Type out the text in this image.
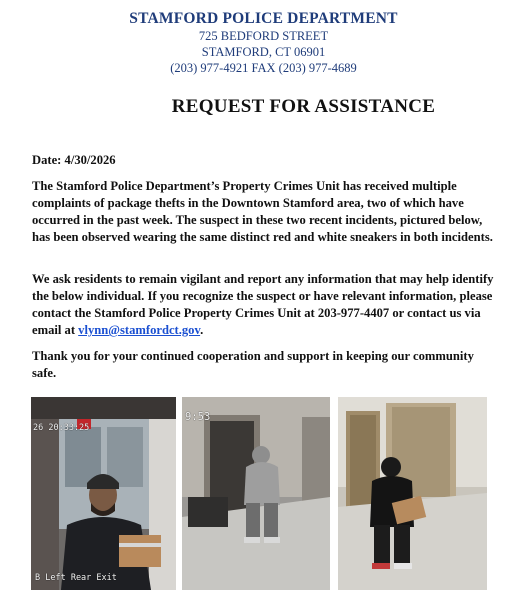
STAMFORD POLICE DEPARTMENT
725 BEDFORD STREET
STAMFORD, CT 06901
(203) 977-4921 FAX (203) 977-4689
REQUEST FOR ASSISTANCE
Date: 4/30/2026
The Stamford Police Department’s Property Crimes Unit has received multiple complaints of package thefts in the Downtown Stamford area, two of which have occurred in the past week. The suspect in these two recent incidents, pictured below, has been observed wearing the same distinct red and white sneakers in both incidents.
We ask residents to remain vigilant and report any information that may help identify the below individual. If you recognize the suspect or have relevant information, please contact the Stamford Police Property Crimes Unit at 203-977-4407 or contact us via email at vlynn@stamfordct.gov.
Thank you for your continued cooperation and support in keeping our community safe.
26 20:33:25
B Left Rear Exit
9:53
